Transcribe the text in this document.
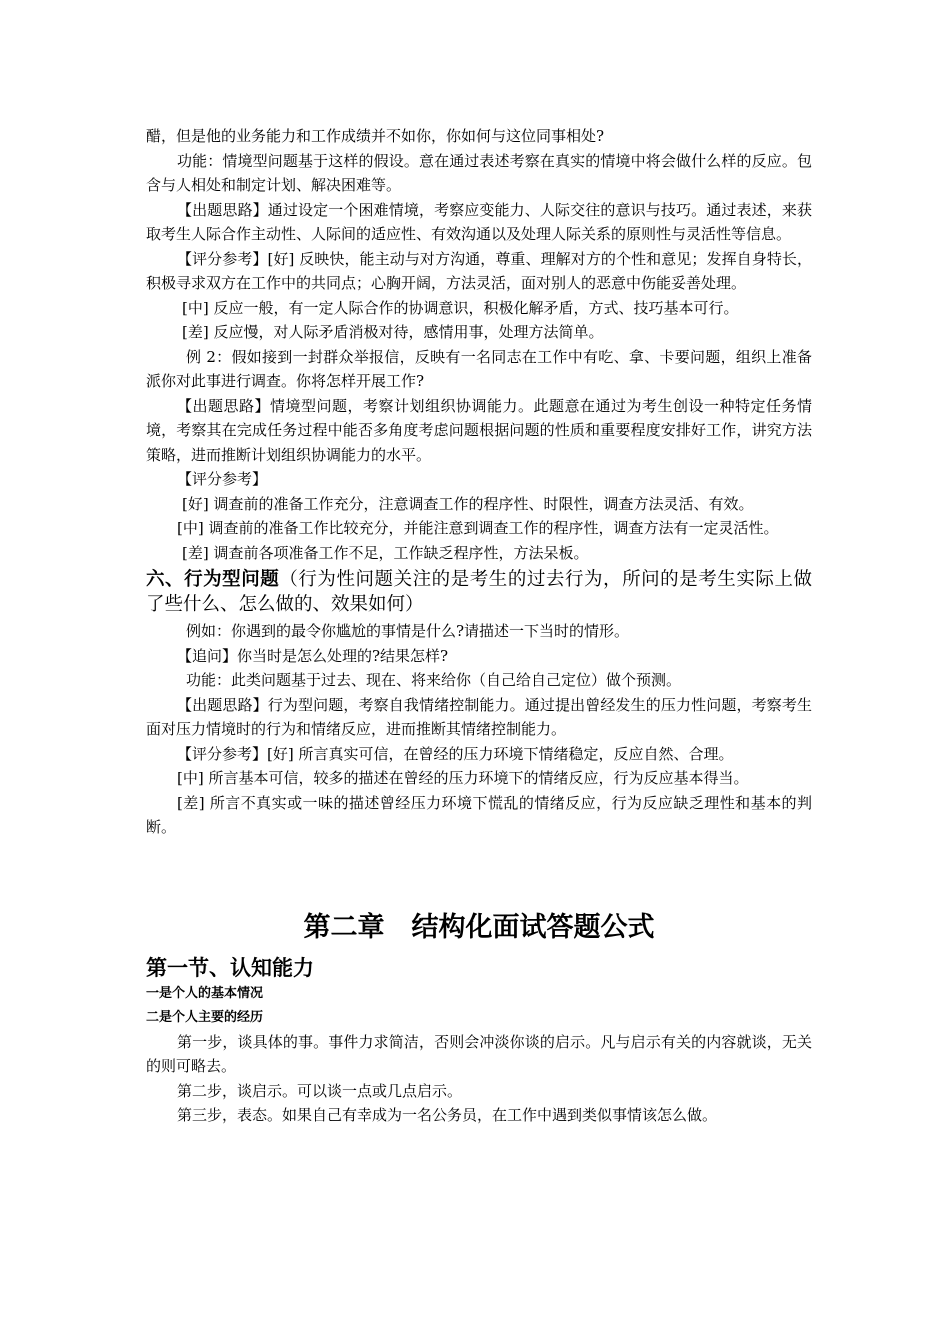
醋，但是他的业务能力和工作成绩并不如你，你如何与这位同事相处?

功能：情境型问题基于这样的假设。意在通过表述考察在真实的情境中将会做什么样的反应。包含与人相处和制定计划、解决困难等。

【出题思路】通过设定一个困难情境，考察应变能力、人际交往的意识与技巧。通过表述，来获取考生人际合作主动性、人际间的适应性、有效沟通以及处理人际关系的原则性与灵活性等信息。

【评分参考】[好] 反映快，能主动与对方沟通，尊重、理解对方的个性和意见；发挥自身特长，积极寻求双方在工作中的共同点；心胸开阔，方法灵活，面对别人的恶意中伤能妥善处理。

[中] 反应一般，有一定人际合作的协调意识，积极化解矛盾，方式、技巧基本可行。

[差] 反应慢，对人际矛盾消极对待，感情用事，处理方法简单。

例 2：假如接到一封群众举报信，反映有一名同志在工作中有吃、拿、卡要问题，组织上准备派你对此事进行调查。你将怎样开展工作?

【出题思路】情境型问题，考察计划组织协调能力。此题意在通过为考生创设一种特定任务情境，考察其在完成任务过程中能否多角度考虑问题根据问题的性质和重要程度安排好工作，讲究方法策略，进而推断计划组织协调能力的水平。

【评分参考】

[好] 调查前的准备工作充分，注意调查工作的程序性、时限性，调查方法灵活、有效。

[中] 调查前的准备工作比较充分，并能注意到调查工作的程序性，调查方法有一定灵活性。

[差] 调查前各项准备工作不足，工作缺乏程序性，方法呆板。

六、行为型问题（行为性问题关注的是考生的过去行为，所问的是考生实际上做了些什么、怎么做的、效果如何）

例如：你遇到的最令你尴尬的事情是什么?请描述一下当时的情形。

【追问】你当时是怎么处理的?结果怎样?

功能：此类问题基于过去、现在、将来给你（自己给自己定位）做个预测。

【出题思路】行为型问题，考察自我情绪控制能力。通过提出曾经发生的压力性问题，考察考生面对压力情境时的行为和情绪反应，进而推断其情绪控制能力。

【评分参考】[好] 所言真实可信，在曾经的压力环境下情绪稳定，反应自然、合理。

[中] 所言基本可信，较多的描述在曾经的压力环境下的情绪反应，行为反应基本得当。

[差] 所言不真实或一味的描述曾经压力环境下慌乱的情绪反应，行为反应缺乏理性和基本的判断。

第二章　结构化面试答题公式
第一节、认知能力

一是个人的基本情况

二是个人主要的经历

第一步，谈具体的事。事件力求简洁，否则会冲淡你谈的启示。凡与启示有关的内容就谈，无关的则可略去。

第二步，谈启示。可以谈一点或几点启示。

第三步，表态。如果自己有幸成为一名公务员，在工作中遇到类似事情该怎么做。
